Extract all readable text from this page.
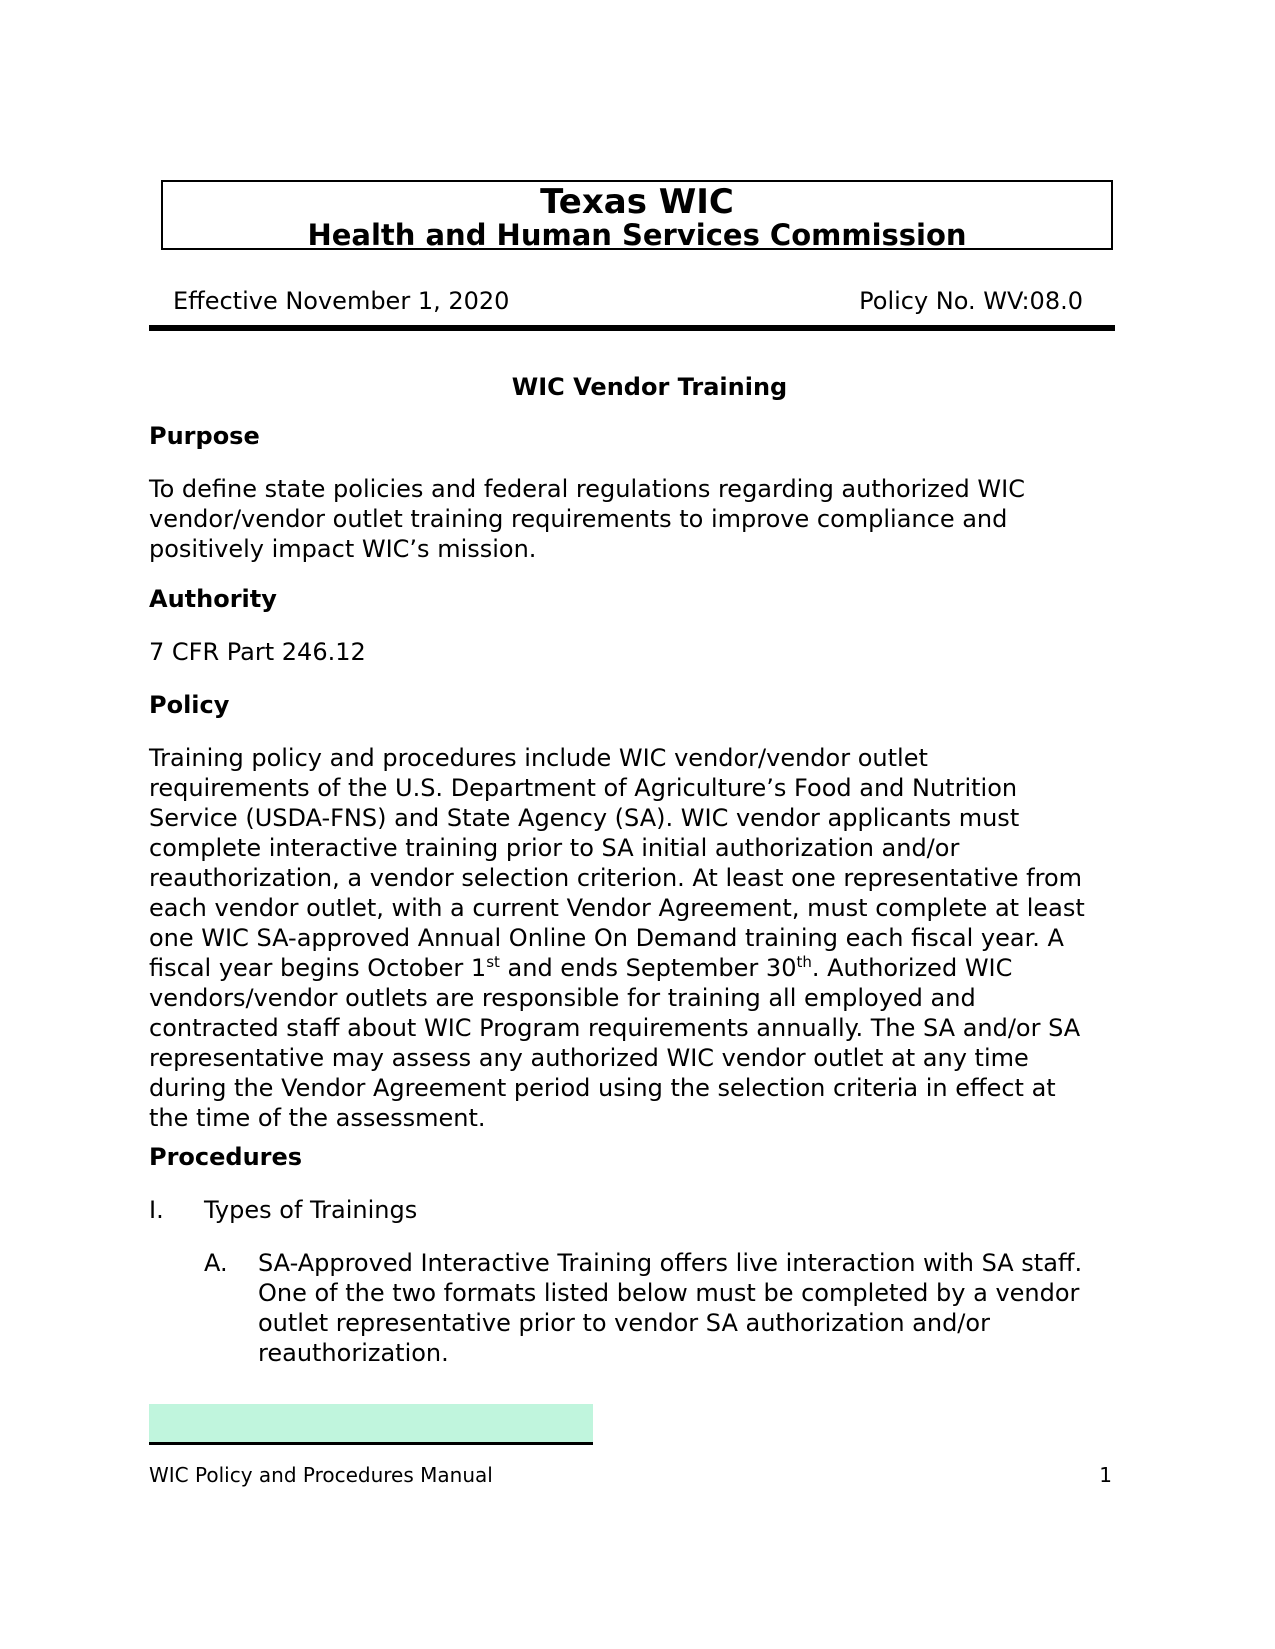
Texas WIC
Health and Human Services Commission
Effective November 1, 2020	Policy No. WV:08.0
WIC Vendor Training
Purpose
To define state policies and federal regulations regarding authorized WIC vendor/vendor outlet training requirements to improve compliance and positively impact WIC’s mission.
Authority
7 CFR Part 246.12
Policy
Training policy and procedures include WIC vendor/vendor outlet requirements of the U.S. Department of Agriculture’s Food and Nutrition Service (USDA-FNS) and State Agency (SA). WIC vendor applicants must complete interactive training prior to SA initial authorization and/or reauthorization, a vendor selection criterion. At least one representative from each vendor outlet, with a current Vendor Agreement, must complete at least one WIC SA-approved Annual Online On Demand training each fiscal year. A fiscal year begins October 1st and ends September 30th. Authorized WIC vendors/vendor outlets are responsible for training all employed and contracted staff about WIC Program requirements annually. The SA and/or SA representative may assess any authorized WIC vendor outlet at any time during the Vendor Agreement period using the selection criteria in effect at the time of the assessment.
Procedures
I. Types of Trainings
A. SA-Approved Interactive Training offers live interaction with SA staff. One of the two formats listed below must be completed by a vendor outlet representative prior to vendor SA authorization and/or reauthorization.
WIC Policy and Procedures Manual	1
